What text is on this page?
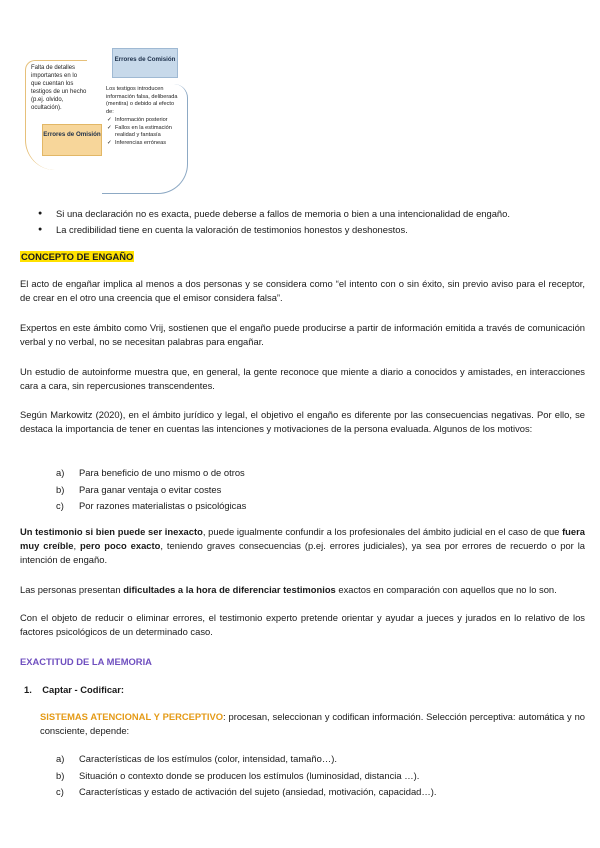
Falta de detalles importantes en lo que cuentan los testigos de un hecho (p.ej. olvido, ocultación).
Errores de Comisión
Los testigos introducen información falsa, deliberada (mentira) o debido al efecto de:
✓ Información posterior
✓ Fallos en la estimación realidad y fantasía
✓ Inferencias erróneas
Errores de Omisión
● Si una declaración no es exacta, puede deberse a fallos de memoria o bien a una intencionalidad de engaño.
● La credibilidad tiene en cuenta la valoración de testimonios honestos y deshonestos.

CONCEPTO DE ENGAÑO

El acto de engañar implica al menos a dos personas y se considera como “el intento con o sin éxito, sin previo aviso para el receptor, de crear en el otro una creencia que el emisor considera falsa”.

Expertos en este ámbito como Vrij, sostienen que el engaño puede producirse a partir de información emitida a través de comunicación verbal y no verbal, no se necesitan palabras para engañar.

Un estudio de autoinforme muestra que, en general, la gente reconoce que miente a diario a conocidos y amistades, en interacciones cara a cara, sin repercusiones transcendentes.

Según Markowitz (2020), en el ámbito jurídico y legal, el objetivo el engaño es diferente por las consecuencias negativas. Por ello, se destaca la importancia de tener en cuentas las intenciones y motivaciones de la persona evaluada. Algunos de los motivos:

a) Para beneficio de uno mismo o de otros
b) Para ganar ventaja o evitar costes
c) Por razones materialistas o psicológicas

Un testimonio si bien puede ser inexacto, puede igualmente confundir a los profesionales del ámbito judicial en el caso de que fuera muy creíble, pero poco exacto, teniendo graves consecuencias (p.ej. errores judiciales), ya sea por errores de recuerdo o por la intención de engaño.

Las personas presentan dificultades a la hora de diferenciar testimonios exactos en comparación con aquellos que no lo son.

Con el objeto de reducir o eliminar errores, el testimonio experto pretende orientar y ayudar a jueces y jurados en lo relativo de los factores psicológicos de un determinado caso.

EXACTITUD DE LA MEMORIA

1. Captar - Codificar:

SISTEMAS ATENCIONAL Y PERCEPTIVO: procesan, seleccionan y codifican información. Selección perceptiva: automática y no consciente, depende:

a) Características de los estímulos (color, intensidad, tamaño…).
b) Situación o contexto donde se producen los estímulos (luminosidad, distancia …).
c) Características y estado de activación del sujeto (ansiedad, motivación, capacidad…).
